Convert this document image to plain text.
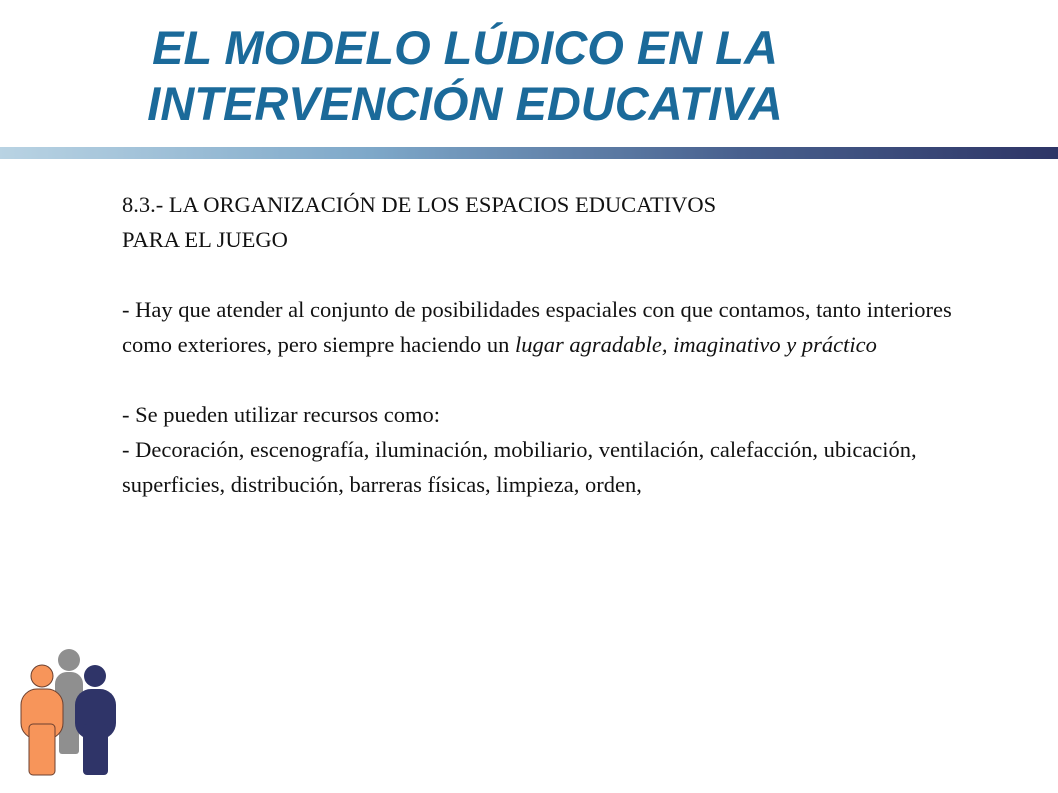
EL MODELO LÚDICO EN LA
INTERVENCIÓN EDUCATIVA

8.3.- LA ORGANIZACIÓN DE LOS ESPACIOS EDUCATIVOS
PARA EL JUEGO

- Hay que atender al conjunto de posibilidades espaciales con que contamos, tanto interiores como exteriores, pero siempre haciendo un lugar agradable, imaginativo y práctico

- Se pueden utilizar recursos como:

- Decoración, escenografía, iluminación, mobiliario, ventilación, calefacción, ubicación, superficies, distribución, barreras físicas, limpieza, orden,
